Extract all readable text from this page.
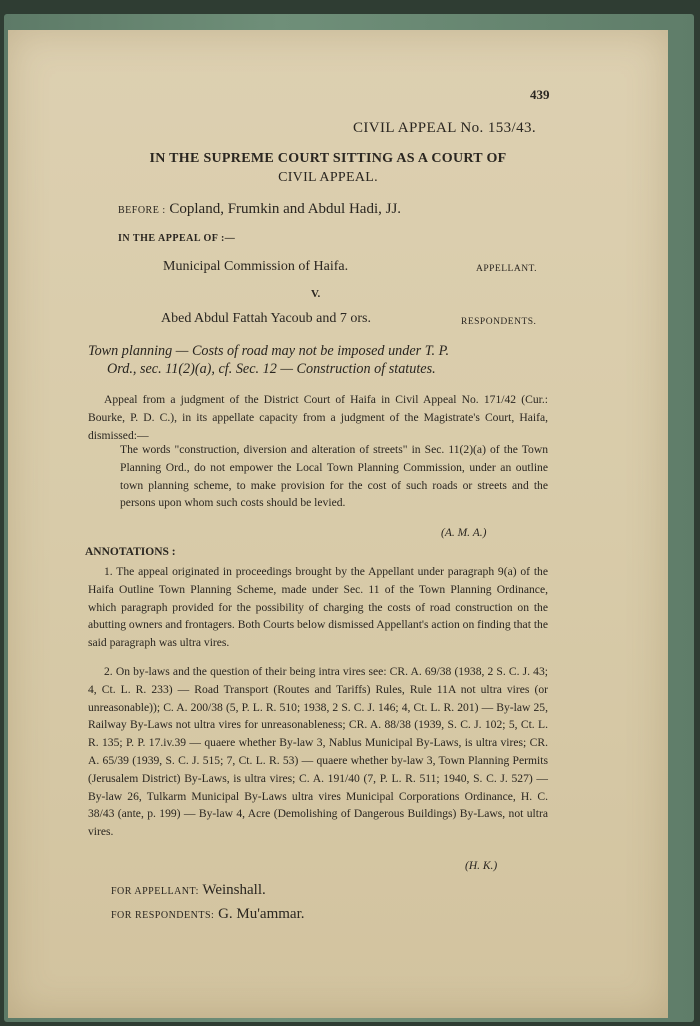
439
CIVIL APPEAL No. 153/43.
IN THE SUPREME COURT SITTING AS A COURT OF
CIVIL APPEAL.
BEFORE : Copland, Frumkin and Abdul Hadi, JJ.
IN THE APPEAL OF :—
Municipal Commission of Haifa.	APPELLANT.
V.
Abed Abdul Fattah Yacoub and 7 ors.	RESPONDENTS.
Town planning — Costs of road may not be imposed under T. P.
Ord., sec. 11(2)(a), cf. Sec. 12 — Construction of statutes.

Appeal from a judgment of the District Court of Haifa in Civil Appeal No. 171/42 (Cur.: Bourke, P. D. C.), in its appellate capacity from a judgment of the Magistrate's Court, Haifa, dismissed:—

The words "construction, diversion and alteration of streets" in Sec. 11(2)(a) of the Town Planning Ord., do not empower the Local Town Planning Commission, under an outline town planning scheme, to make provision for the cost of such roads or streets and the persons upon whom such costs should be levied.

(A. M. A.)
ANNOTATIONS :

1. The appeal originated in proceedings brought by the Appellant under paragraph 9(a) of the Haifa Outline Town Planning Scheme, made under Sec. 11 of the Town Planning Ordinance, which paragraph provided for the possibility of charging the costs of road construction on the abutting owners and frontagers. Both Courts below dismissed Appellant's action on finding that the said paragraph was ultra vires.

2. On by-laws and the question of their being intra vires see: CR. A. 69/38 (1938, 2 S. C. J. 43; 4, Ct. L. R. 233) — Road Transport (Routes and Tariffs) Rules, Rule 11A not ultra vires (or unreasonable)); C. A. 200/38 (5, P. L. R. 510; 1938, 2 S. C. J. 146; 4, Ct. L. R. 201) — By-law 25, Railway By-Laws not ultra vires for unreasonableness; CR. A. 88/38 (1939, S. C. J. 102; 5, Ct. L. R. 135; P. P. 17.iv.39 — quaere whether By-law 3, Nablus Municipal By-Laws, is ultra vires; CR. A. 65/39 (1939, S. C. J. 515; 7, Ct. L. R. 53) — quaere whether by-law 3, Town Planning Permits (Jerusalem District) By-Laws, is ultra vires; C. A. 191/40 (7, P. L. R. 511; 1940, S. C. J. 527) — By-law 26, Tulkarm Municipal By-Laws ultra vires Municipal Corporations Ordinance, H. C. 38/43 (ante, p. 199) — By-law 4, Acre (Demolishing of Dangerous Buildings) By-Laws, not ultra vires.

(H. K.)
FOR APPELLANT: Weinshall.
FOR RESPONDENTS: G. Mu'ammar.
